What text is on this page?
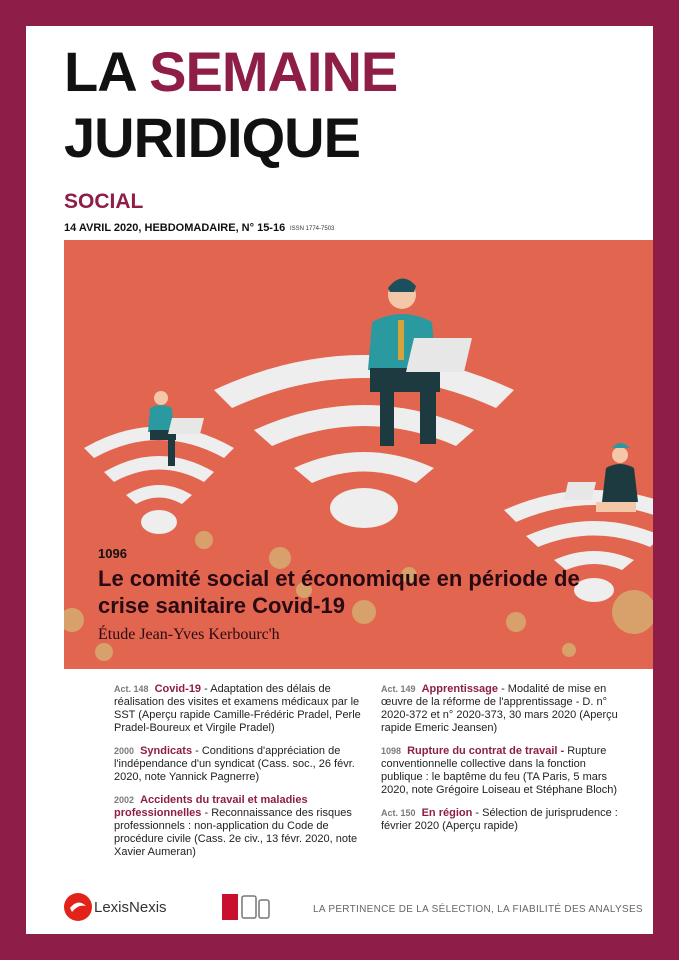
LA SEMAINE
JURIDIQUE
SOCIAL
14 AVRIL 2020, HEBDOMADAIRE, N° 15-16 ISSN 1774-7503
1096
Le comité social et économique en période de crise sanitaire Covid-19
Étude Jean-Yves Kerbourc'h
Act. 148 Covid-19 - Adaptation des délais de réalisation des visites et examens médicaux par le SST (Aperçu rapide Camille-Frédéric Pradel, Perle Pradel-Boureux et Virgile Pradel)
2000 Syndicats - Conditions d'appréciation de l'indépendance d'un syndicat (Cass. soc., 26 févr. 2020, note Yannick Pagnerre)
2002 Accidents du travail et maladies professionnelles - Reconnaissance des risques professionnels : non-application du Code de procédure civile (Cass. 2e civ., 13 févr. 2020, note Xavier Aumeran)
Act. 149 Apprentissage - Modalité de mise en œuvre de la réforme de l'apprentissage - D. n° 2020-372 et n° 2020-373, 30 mars 2020 (Aperçu rapide Emeric Jeansen)
1098 Rupture du contrat de travail - Rupture conventionnelle collective dans la fonction publique : le baptême du feu (TA Paris, 5 mars 2020, note Grégoire Loiseau et Stéphane Bloch)
Act. 150 En région - Sélection de jurisprudence : février 2020 (Aperçu rapide)
LexisNexis	LA PERTINENCE DE LA SÉLECTION, LA FIABILITÉ DES ANALYSES
